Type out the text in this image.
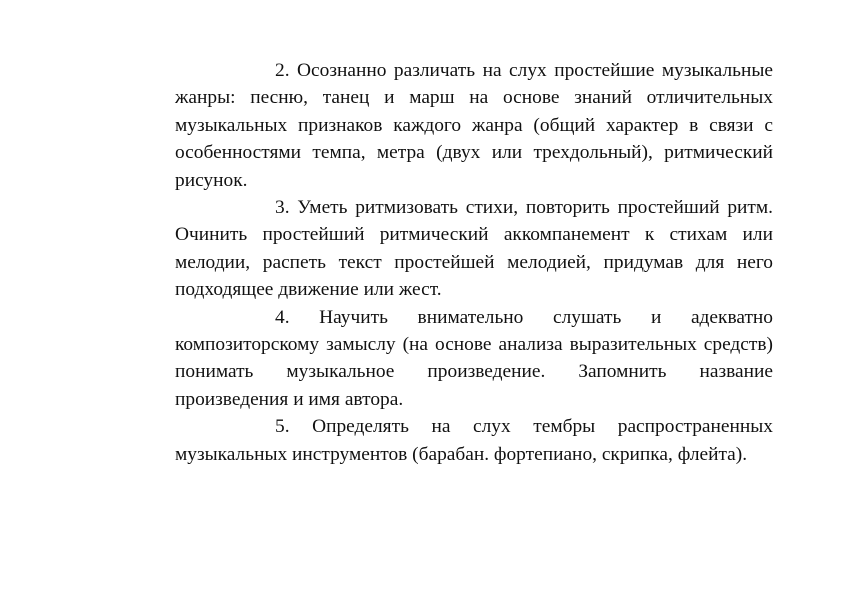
2. Осознанно различать на слух простейшие музыкальные жанры: песню, танец и марш на основе знаний отличительных музыкальных признаков каждого жанра (общий характер в связи с особенностями темпа, метра (двух или трехдольный), ритмический рисунок.

3. Уметь ритмизовать стихи, повторить простейший ритм. Очинить простейший ритмический аккомпанемент к стихам или мелодии, распеть текст простейшей мелодией, придумав для него подходящее движение или жест.

4. Научить внимательно слушать и адекватно композиторскому замыслу (на основе анализа выразительных средств) понимать музыкальное произведение. Запомнить название произведения и имя автора.

5. Определять на слух тембры распространенных музыкальных инструментов (барабан. фортепиано, скрипка, флейта).
